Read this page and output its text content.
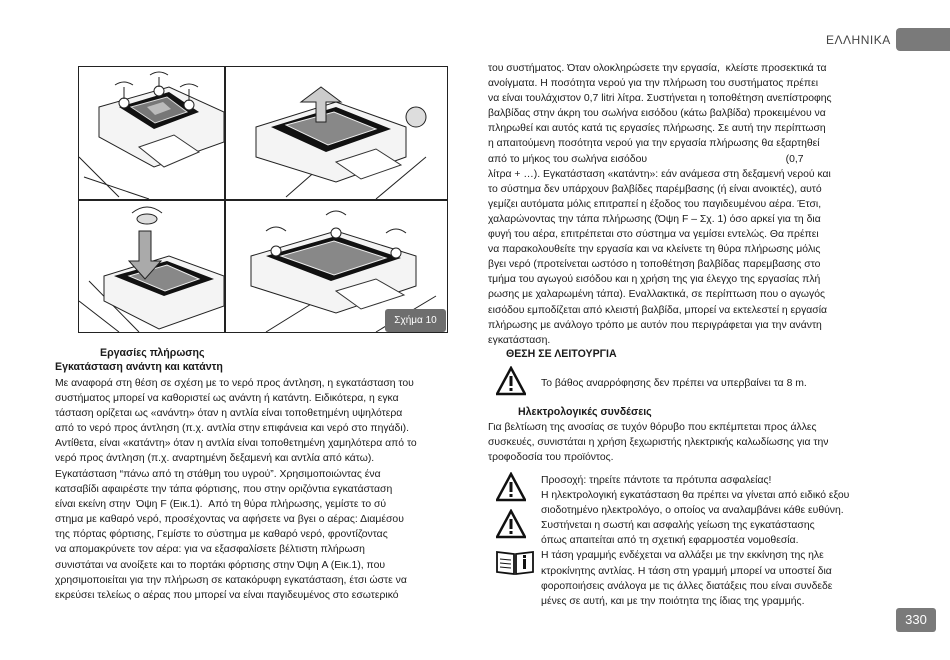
ΕΛΛΗΝΙΚΑ
Σχήμα 10
Εργασίες πλήρωσης
Εγκατάσταση ανάντη και κατάντη
Με αναφορά στη θέση σε σχέση με το νερό προς άντληση, η εγκατάσταση του
συστήματος μπορεί να καθοριστεί ως ανάντη ή κατάντη. Ειδικότερα, η εγκα
τάσταση ορίζεται ως «ανάντη» όταν η αντλία είναι τοποθετημένη υψηλότερα
από το νερό προς άντληση (π.χ. αντλία στην επιφάνεια και νερό στο πηγάδι).
Αντίθετα, είναι «κατάντη» όταν η αντλία είναι τοποθετημένη χαμηλότερα από το
νερό προς άντληση (π.χ. αναρτημένη δεξαμενή και αντλία από κάτω).
Εγκατάσταση “πάνω από τη στάθμη του υγρού”. Χρησιμοποιώντας ένα
κατσαβίδι αφαιρέστε την τάπα φόρτισης, που στην οριζόντια εγκατάσταση
είναι εκείνη στην  Όψη F (Εικ.1).  Από τη θύρα πλήρωσης, γεμίστε το σύ
στημα με καθαρό νερό, προσέχοντας να αφήσετε να βγει ο αέρας: Διαμέσου
της πόρτας φόρτισης, Γεμίστε το σύστημα με καθαρό νερό, φροντίζοντας
να απομακρύνετε τον αέρα: για να εξασφαλίσετε βέλτιστη πλήρωση
συνιστάται να ανοίξετε και το πορτάκι φόρτισης στην Όψη A (Εικ.1), που
χρησιμοποιείται για την πλήρωση σε κατακόρυφη εγκατάσταση, έτσι ώστε να
εκρεύσει τελείως ο αέρας που μπορεί να είναι παγιδευμένος στο εσωτερικό
του συστήματος. Όταν ολοκληρώσετε την εργασία,  κλείστε προσεκτικά τα
ανοίγματα. Η ποσότητα νερού για την πλήρωση του συστήματος πρέπει
να είναι τουλάχιστον 0,7 litri λίτρα. Συστήνεται η τοποθέτηση ανεπίστροφης
βαλβίδας στην άκρη του σωλήνα εισόδου (κάτω βαλβίδα) προκειμένου να
πληρωθεί και αυτός κατά τις εργασίες πλήρωσης. Σε αυτή την περίπτωση
η απαιτούμενη ποσότητα νερού για την εργασία πλήρωσης θα εξαρτηθεί
από το μήκος του σωλήνα εισόδου                                                (0,7
λίτρα + …). Εγκατάσταση «κατάντη»: εάν ανάμεσα στη δεξαμενή νερού και
το σύστημα δεν υπάρχουν βαλβίδες παρέμβασης (ή είναι ανοικτές), αυτό
γεμίζει αυτόματα μόλις επιτραπεί η έξοδος του παγιδευμένου αέρα. Έτσι,
χαλαρώνοντας την τάπα πλήρωσης (Όψη F – Σχ. 1) όσο αρκεί για τη δια
φυγή του αέρα, επιτρέπεται στο σύστημα να γεμίσει εντελώς. Θα πρέπει
να παρακολουθείτε την εργασία και να κλείνετε τη θύρα πλήρωσης μόλις
βγει νερό (προτείνεται ωστόσο η τοποθέτηση βαλβίδας παρεμβασης στο
τμήμα του αγωγού εισόδου και η χρήση της για έλεγχο της εργασίας πλή
ρωσης με χαλαρωμένη τάπα). Εναλλακτικά, σε περίπτωση που ο αγωγός
εισόδου εμποδίζεται από κλειστή βαλβίδα, μπορεί να εκτελεστεί η εργασία
πλήρωσης με ανάλογο τρόπο με αυτόν που περιγράφεται για την ανάντη
εγκατάσταση.
ΘΕΣΗ ΣΕ ΛΕΙΤΟΥΡΓΙΑ
Το βάθος αναρρόφησης δεν πρέπει να υπερβαίνει τα 8 m.
Ηλεκτρολογικές συνδέσεις
Για βελτίωση της ανοσίας σε τυχόν θόρυβο που εκπέμπεται προς άλλες
συσκευές, συνιστάται η χρήση ξεχωριστής ηλεκτρικής καλωδίωσης για την
τροφοδοσία του προϊόντος.
Προσοχή: τηρείτε πάντοτε τα πρότυπα ασφαλείας!
Η ηλεκτρολογική εγκατάσταση θα πρέπει να γίνεται από ειδικό εξου
σιοδοτημένο ηλεκτρολόγο, ο οποίος να αναλαμβάνει κάθε ευθύνη.
Συστήνεται η σωστή και ασφαλής γείωση της εγκατάστασης
όπως απαιτείται από τη σχετική εφαρμοστέα νομοθεσία.
Η τάση γραμμής ενδέχεται να αλλάξει με την εκκίνηση της ηλε
κτροκίνητης αντλίας. Η τάση στη γραμμή μπορεί να υποστεί δια
φοροποιήσεις ανάλογα με τις άλλες διατάξεις που είναι συνδεδε
μένες σε αυτή, και με την ποιότητα της ίδιας της γραμμής.
330
